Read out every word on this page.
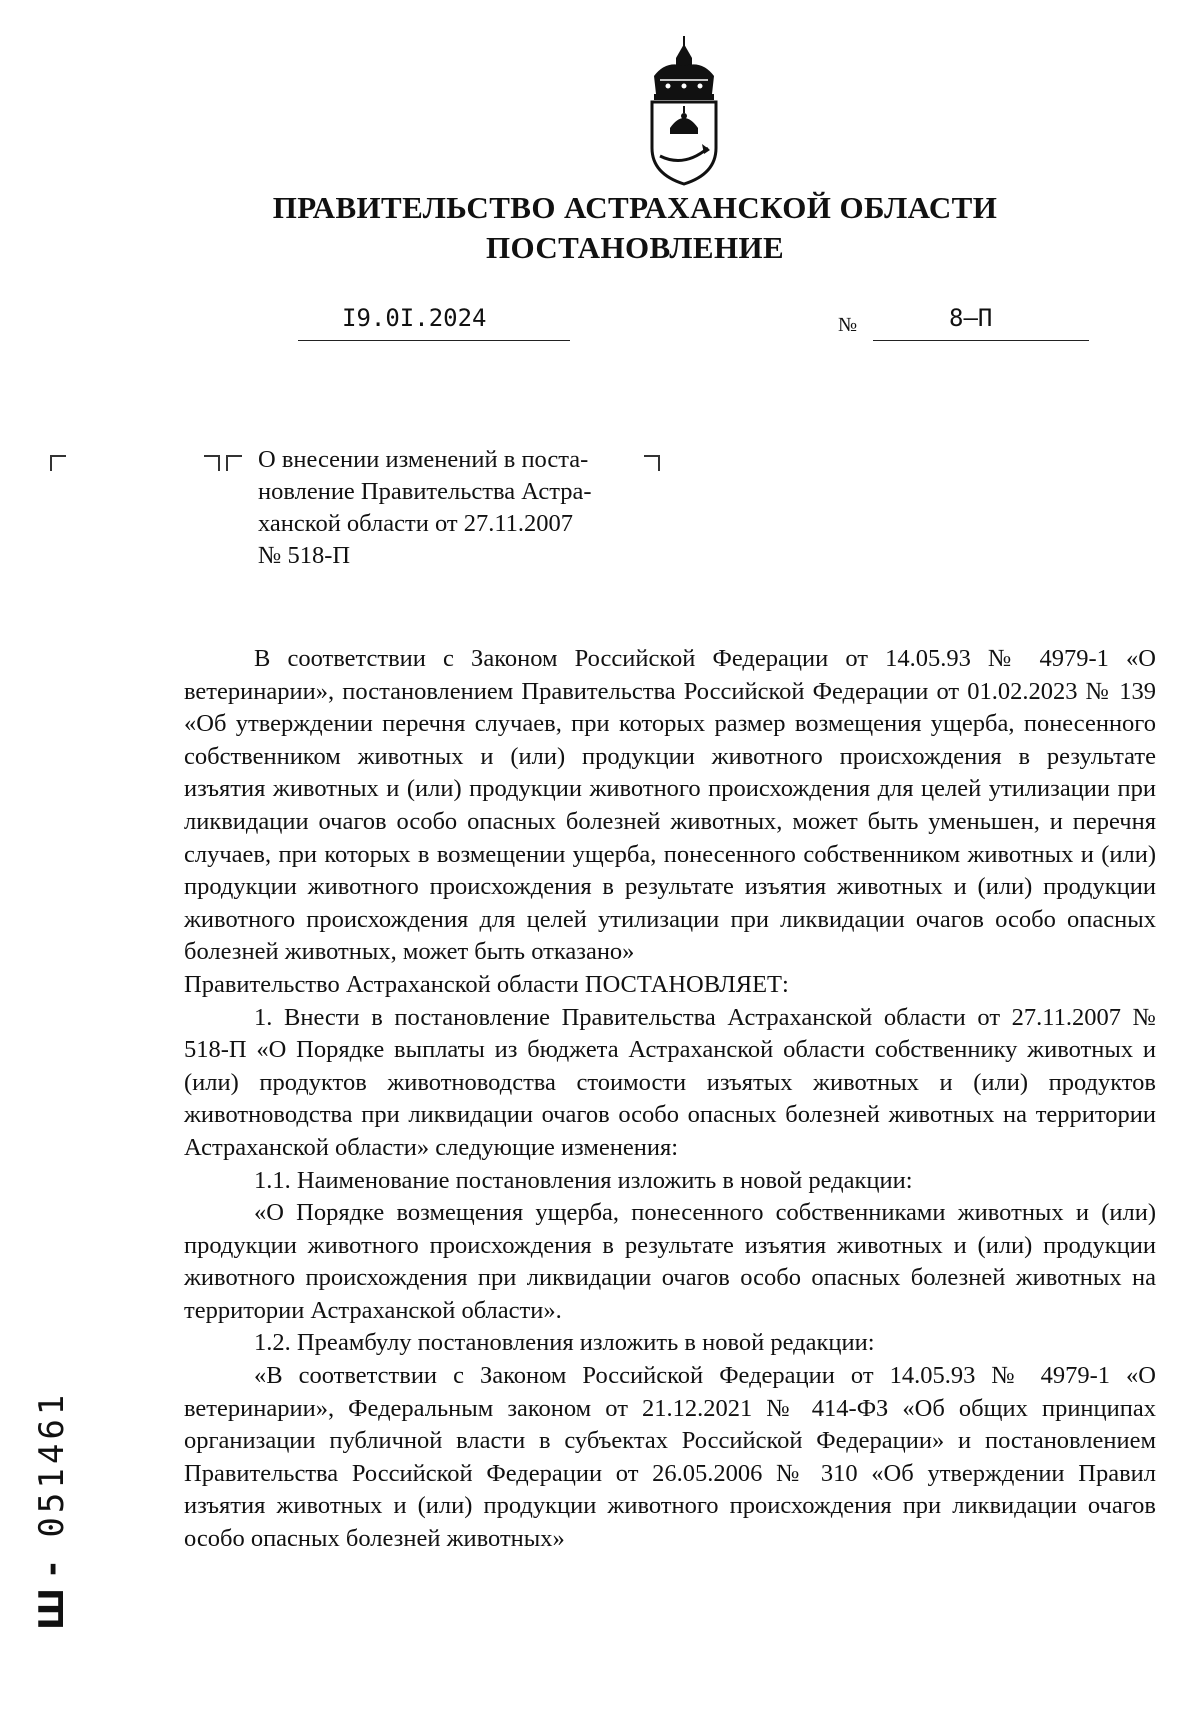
ПРАВИТЕЛЬСТВО АСТРАХАНСКОЙ ОБЛАСТИ
ПОСТАНОВЛЕНИЕ
I9.0I.2024	№	8–П
О внесении изменений в поста-
новление Правительства Астра-
ханской области от 27.11.2007
№ 518-П

В соответствии с Законом Российской Федерации от 14.05.93 № 4979-1 «О ветеринарии», постановлением Правительства Российской Федерации от 01.02.2023 № 139 «Об утверждении перечня случаев, при которых размер возмещения ущерба, понесенного собственником животных и (или) продукции животного происхождения в результате изъятия животных и (или) продукции животного происхождения для целей утилизации при ликвидации очагов особо опасных болезней животных, может быть уменьшен, и перечня случаев, при которых в возмещении ущерба, понесенного собственником животных и (или) продукции животного происхождения в результате изъятия животных и (или) продукции животного происхождения для целей утилизации при ликвидации очагов особо опасных болезней животных, может быть отказано»

Правительство Астраханской области ПОСТАНОВЛЯЕТ:

1. Внести в постановление Правительства Астраханской области от 27.11.2007 № 518-П «О Порядке выплаты из бюджета Астраханской области собственнику животных и (или) продуктов животноводства стоимости изъятых животных и (или) продуктов животноводства при ликвидации очагов особо опасных болезней животных на территории Астраханской области» следующие изменения:

1.1. Наименование постановления изложить в новой редакции:

«О Порядке возмещения ущерба, понесенного собственниками животных и (или) продукции животного происхождения в результате изъятия животных и (или) продукции животного происхождения при ликвидации очагов особо опасных болезней животных на территории Астраханской области».

1.2. Преамбулу постановления изложить в новой редакции:

«В соответствии с Законом Российской Федерации от 14.05.93 № 4979-1 «О ветеринарии», Федеральным законом от 21.12.2021 № 414-ФЗ «Об общих принципах организации публичной власти в субъектах Российской Федерации» и постановлением Правительства Российской Федерации от 26.05.2006 № 310 «Об утверждении Правил изъятия животных и (или) продукции животного происхождения при ликвидации очагов особо опасных болезней животных»

Ш - 051461
